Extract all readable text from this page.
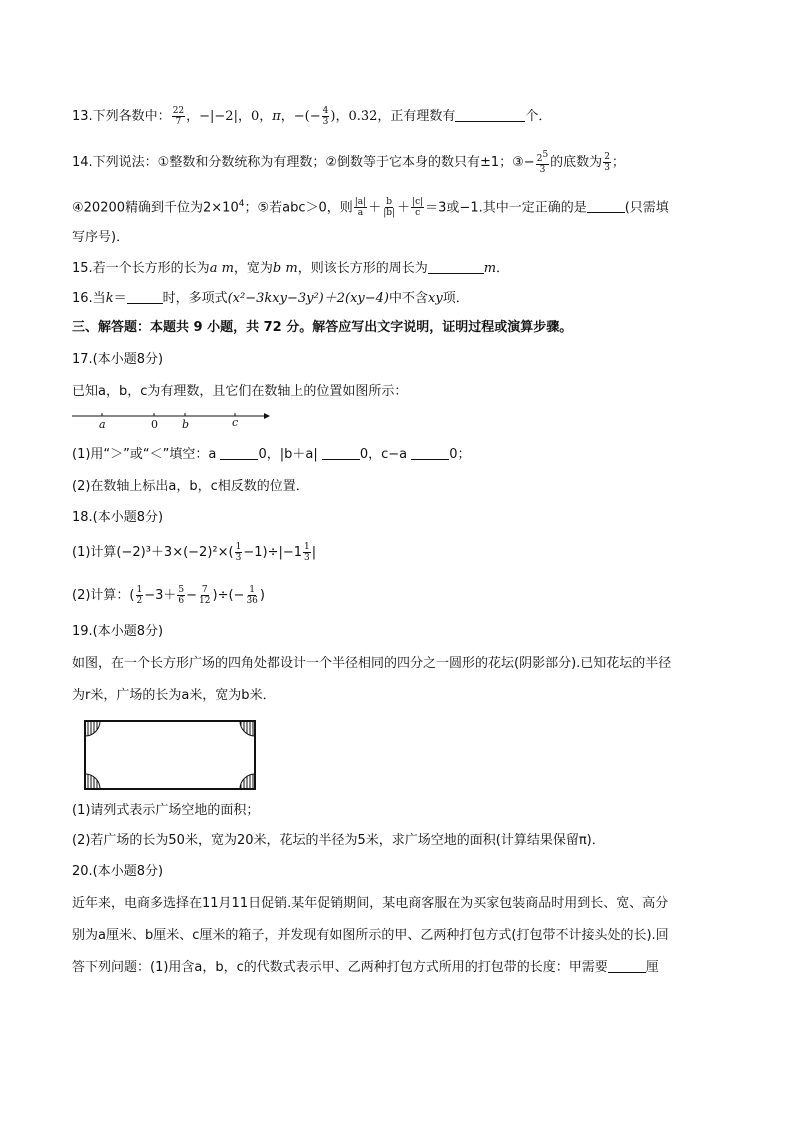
13.下列各数中： $\frac{22}{7}$ ，−|−2|，0，π，−(− $\frac{4}{3}$ )，0.3̇2̇，正有理数有	个．
14.下列说法：①整数和分数统称为有理数；②倒数等于它本身的数只有±1；③− $\frac{2^5}{3}$ 的底数为 $\frac{2}{3}$ ；
④20200精确到千位为$2\times 10^4$；⑤若abc＞0，则 $\frac{|a|}{a} + \frac{b}{|b|} + \frac{|c|}{c} =3$或−1.其中一定正确的是	(只需填
写序号)．
15.若一个长方形的长为a m，宽为b m，则该长方形的周长为	m．
16.当k＝	时，多项式(x²−3kxy−3y²)＋2(xy−4)中不含xy项．
三、解答题：本题共 9 小题，共 72 分。解答应写出文字说明，证明过程或演算步骤。
17.(本小题8分)
已知a，b，c为有理数，且它们在数轴上的位置如图所示：
a	0 b	c
(1)用“＞”或“＜”填空：a	0，|b＋a|	0，c−a	0；
(2)在数轴上标出a，b，c相反数的位置．
18.(本小题8分)
(1)计算$(-2)^3+3\times(-2)^2\times( \frac{1}{3} -1)\div|-1 \frac{1}{3}$ |
(2)计算：( $\frac{1}{2} -3+ \frac{5}{6} - \frac{7}{12}$ )÷(− $\frac{1}{36}$ )
19.(本小题8分)
如图，在一个长方形广场的四角处都设计一个半径相同的四分之一圆形的花坛(阴影部分).已知花坛的半径
为r米，广场的长为a米，宽为b米．
(1)请列式表示广场空地的面积；
(2)若广场的长为50米，宽为20米，花坛的半径为5米，求广场空地的面积(计算结果保留π)．
20.(本小题8分)
近年来，电商多选择在11月11日促销.某年促销期间，某电商客服在为买家包装商品时用到长、宽、高分
别为a厘米、b厘米、c厘米的箱子，并发现有如图所示的甲、乙两种打包方式(打包带不计接头处的长).回
答下列问题：(1)用含a，b，c的代数式表示甲、乙两种打包方式所用的打包带的长度：甲需要	厘
